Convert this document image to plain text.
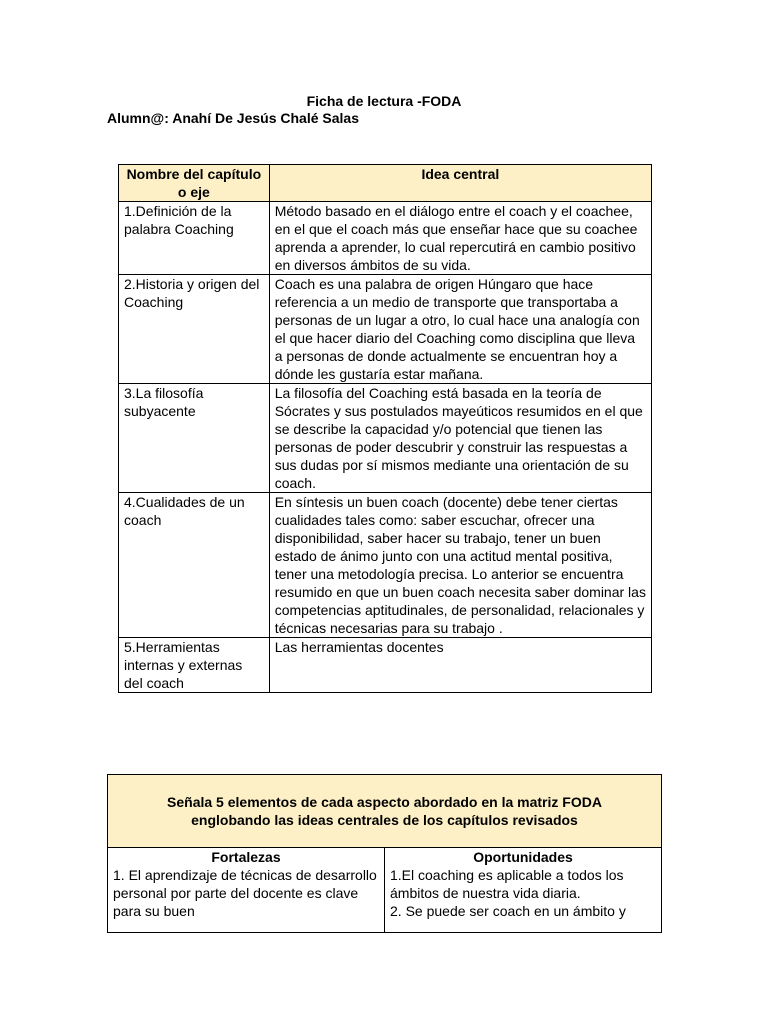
Ficha de lectura -FODA
Alumn@: Anahí De Jesús Chalé Salas
Nombre del capítulo o eje	Idea central
1.Definición de la palabra Coaching	Método basado en el diálogo entre el coach y el coachee, en el que el coach más que enseñar hace que su coachee aprenda a aprender, lo cual repercutirá en cambio positivo en diversos ámbitos de su vida.
2.Historia y origen del Coaching	Coach es una palabra de origen Húngaro que hace referencia a un medio de transporte que transportaba a personas de un lugar a otro, lo cual hace una analogía con el que hacer diario del Coaching como disciplina que lleva a personas de donde actualmente se encuentran hoy a dónde les gustaría estar mañana.
3.La filosofía subyacente	La filosofía del Coaching está basada en la teoría de Sócrates y sus postulados mayeúticos resumidos en el que se describe la capacidad y/o potencial que tienen las personas de poder descubrir y construir las respuestas a sus dudas por sí mismos mediante una orientación de su coach.
4.Cualidades de un coach	En síntesis un buen coach (docente) debe tener ciertas cualidades tales como: saber escuchar, ofrecer una disponibilidad, saber hacer su trabajo, tener un buen estado de ánimo junto con una actitud mental positiva, tener una metodología precisa. Lo anterior se encuentra resumido en que un buen coach necesita saber dominar las competencias aptitudinales, de personalidad, relacionales y técnicas necesarias para su trabajo .
5.Herramientas internas y externas del coach	Las herramientas docentes
Señala 5 elementos de cada aspecto abordado en la matriz FODA englobando las ideas centrales de los capítulos revisados

Fortalezas
1. El aprendizaje de técnicas de desarrollo personal por parte del docente es clave para su buen	
Oportunidades
1.El coaching es aplicable a todos los ámbitos de nuestra vida diaria.
2. Se puede ser coach en un ámbito y
